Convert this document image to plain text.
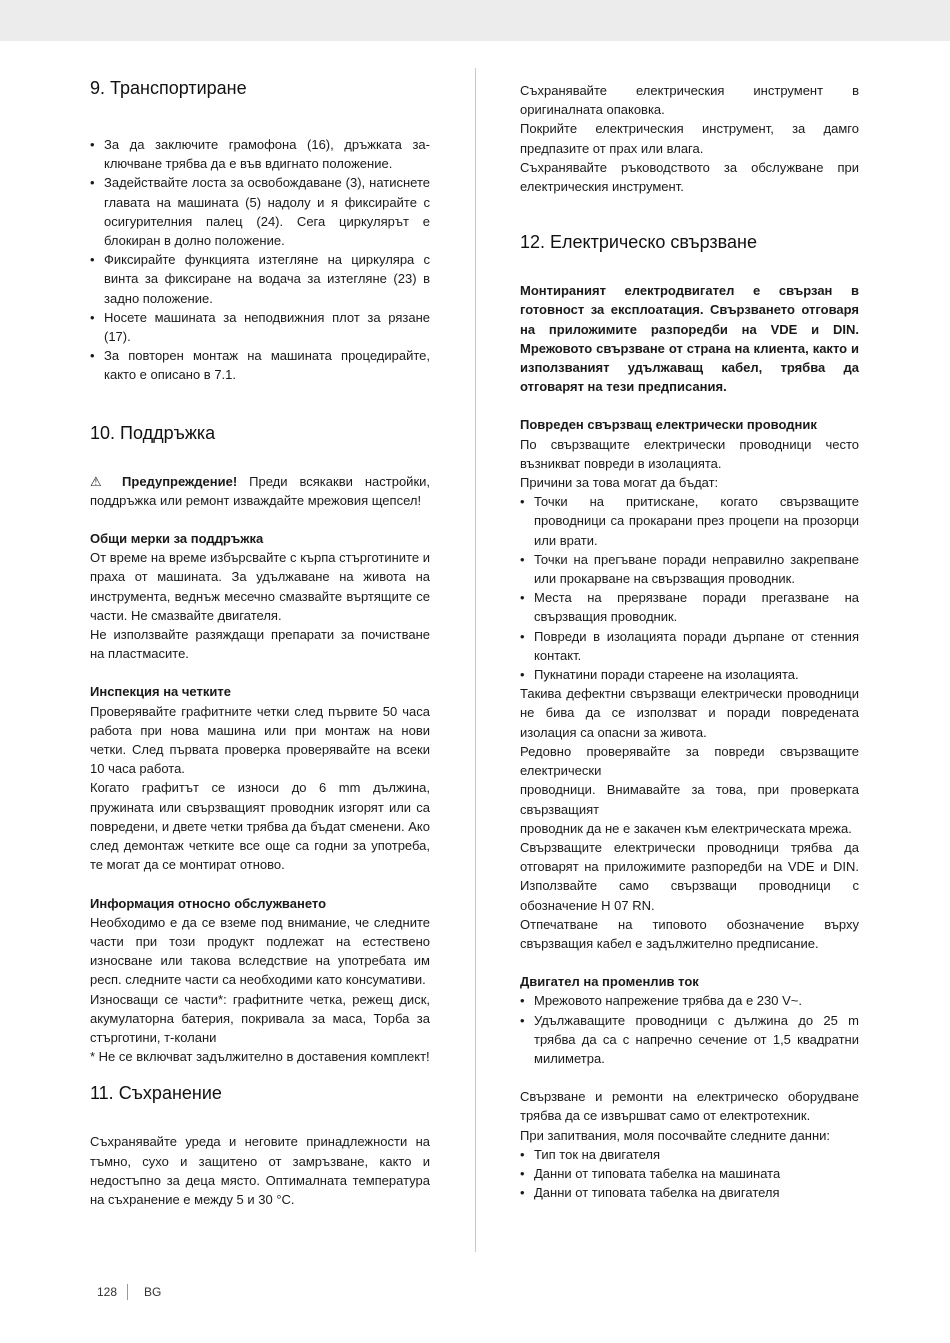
9. Транспортиране
• За да заключите грамофона (16), дръжката заключване трябва да е във вдигнато положение.
• Задействайте лоста за освобождаване (3), натиснете главата на машината (5) надолу и я фиксирайте с осигурителния палец (24). Сега циркулярът е блокиран в долно положение.
• Фиксирайте функцията изтегляне на циркуляра с винта за фиксиране на водача за изтегляне (23) в задно положение.
• Носете машината за неподвижния плот за рязане (17).
• За повторен монтаж на машината процедирайте, както е описано в 7.1.
10. Поддръжка

⚠ Предупреждение! Преди всякакви настройки, поддръжка или ремонт изваждайте мрежовия щепсел!

Общи мерки за поддръжка

От време на време избърсвайте с кърпа стърготините и праха от машината. За удължаване на живота на инструмента, веднъж месечно смазвайте въртящите се части. Не смазвайте двигателя.

Не използвайте разяждащи препарати за почистване на пластмасите.

Инспекция на четките

Проверявайте графитните четки след първите 50 часа работа при нова машина или при монтаж на нови четки. След първата проверка проверявайте на всеки 10 часа работа.

Когато графитът се износи до 6 mm дължина, пружината или свързващият проводник изгорят или са повредени, и двете четки трябва да бъдат сменени. Ако след демонтаж четките все още са годни за употреба, те могат да се монтират отново.

Информация относно обслужването

Необходимо е да се вземе под внимание, че следните части при този продукт подлежат на естествено износване или такова вследствие на употребата им респ. следните части са необходими като консумативи.

Износващи се части*: графитните четка, режещ диск, акумулаторна батерия, покривала за маса, Торба за стърготини, т-колани

* Не се включват задължително в доставения комплект!

11. Съхранение

Съхранявайте уреда и неговите принадлежности на тъмно, сухо и защитено от замръзване, както и недостъпно за деца място. Оптималната температура на съхранение е между 5 и 30 °C.

Съхранявайте електрическия инструмент в оригиналната опаковка.

Покрийте електрическия инструмент, за дамго предпазите от прах или влага.

Съхранявайте ръководството за обслужване при електрическия инструмент.

12. Електрическо свързване

Монтираният електродвигател е свързан в готовност за експлоатация. Свързването отговаря на приложимите разпоредби на VDE и DIN. Мрежовото свързване от страна на клиента, както и използваният удължаващ кабел, трябва да отговарят на тези предписания.

Повреден свързващ електрически проводник

По свързващите електрически проводници често възникват повреди в изолацията.

Причини за това могат да бъдат:

• Точки на притискане, когато свързващите проводници са прокарани през процепи на прозорци или врати.
• Точки на прегъване поради неправилно закрепване или прокарване на свързващия проводник.
• Места на прерязване поради прегазване на свързващия проводник.
• Повреди в изолацията поради дърпане от стенния контакт.
• Пукнатини поради стареене на изолацията.

Такива дефектни свързващи електрически проводници не бива да се използват и поради повредената изолация са опасни за живота.

Редовно проверявайте за повреди свързващите електрически

проводници. Внимавайте за това, при проверката свързващият

проводник да не е закачен към електрическата мрежа.

Свързващите електрически проводници трябва да отговарят на приложимите разпоредби на VDE и DIN. Използвайте само свързващи проводници с обозначение H 07 RN.

Отпечатване на типовото обозначение върху свързващия кабел е задължително предписание.

Двигател на променлив ток

• Мрежовото напрежение трябва да е 230 V~.
• Удължаващите проводници с дължина до 25 m трябва да са с напречно сечение от 1,5 квадратни милиметра.

Свързване и ремонти на електрическо оборудване трябва да се извършват само от електротехник.

При запитвания, моля посочвайте следните данни:

• Тип ток на двигателя
• Данни от типовата табелка на машината
• Данни от типовата табелка на двигателя
128 BG
